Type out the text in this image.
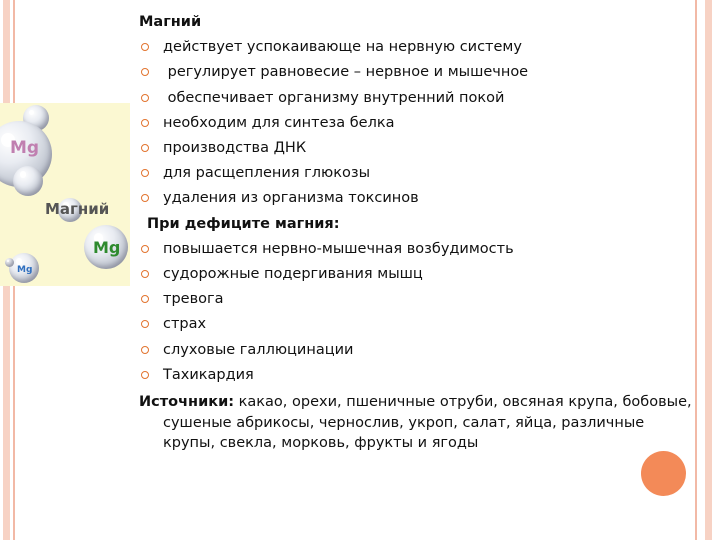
Mg
Магний
Mg
Mg
Магний
действует успокаивающе на нервную систему
регулирует равновесие – нервное и мышечное
обеспечивает организму внутренний покой
необходим для синтеза белка
производства ДНК
для расщепления глюкозы
удаления из организма токсинов
При дефиците магния:
повышается нервно-мышечная возбудимость
судорожные подергивания мышц
тревога
страх
слуховые галлюцинации
Тахикардия
Источники: какао, орехи, пшеничные отруби, овсяная крупа, бобовые, сушеные абрикосы, чернослив, укроп, салат, яйца, различные крупы, свекла, морковь, фрукты и ягоды
